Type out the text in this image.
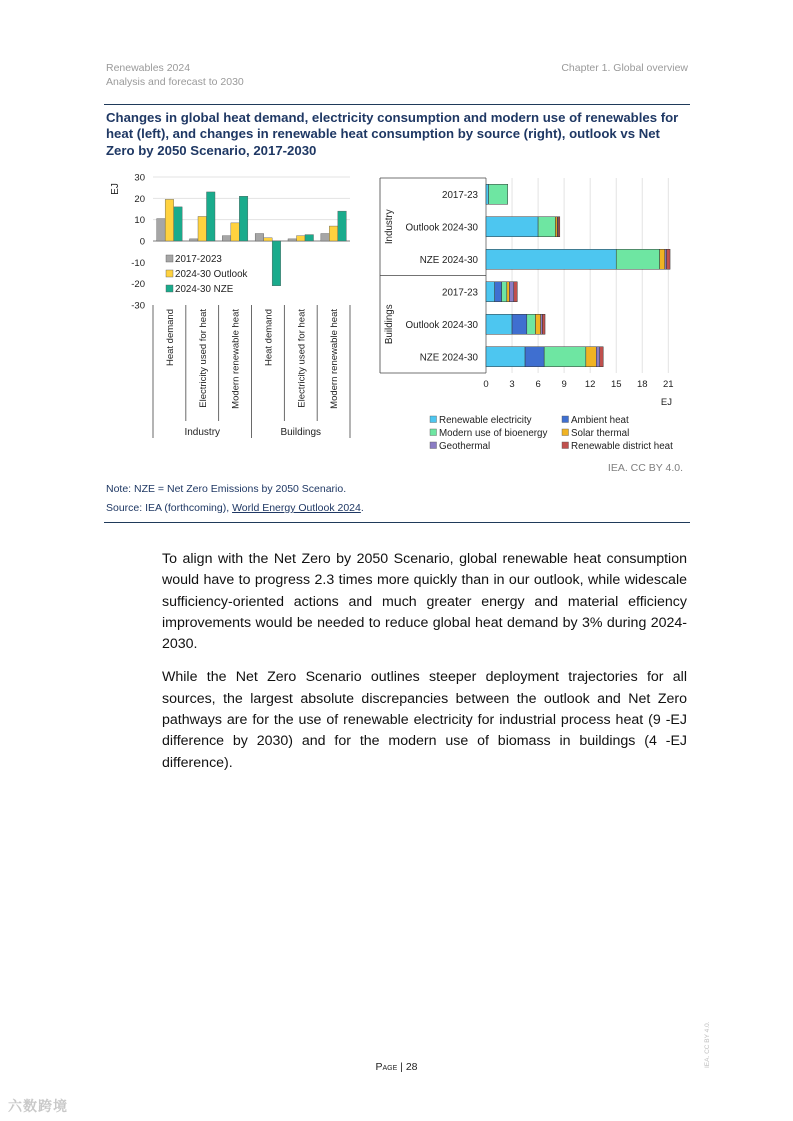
Renewables 2024
Analysis and forecast to 2030
Chapter 1. Global overview
Changes in global heat demand, electricity consumption and modern use of renewables for heat (left), and changes in renewable heat consumption by source (right), outlook vs Net Zero by 2050 Scenario, 2017-2030
30
20
10
0
-10
-20
-30
EJ
Heat demand Electricity used for heat Modern renewable heat Heat demand Electricity used for heat Modern renewable heat
Industry	Buildings
2017-2023
2024-30 Outlook
2024-30 NZE
0 3 6 9 12 15 18 21
EJ
2017-23
Outlook 2024-30
NZE 2024-30
2017-23
Outlook 2024-30
NZE 2024-30
Industry
Buildings
Renewable electricity	Ambient heat
Modern use of bioenergy Solar thermal
Geothermal	Renewable district heat
IEA. CC BY 4.0.
Note: NZE = Net Zero Emissions by 2050 Scenario.
Source: IEA (forthcoming), World Energy Outlook 2024.

To align with the Net Zero by 2050 Scenario, global renewable heat consumption would have to progress 2.3 times more quickly than in our outlook, while widescale sufficiency-oriented actions and much greater energy and material efficiency improvements would be needed to reduce global heat demand by 3% during 2024-2030.

While the Net Zero Scenario outlines steeper deployment trajectories for all sources, the largest absolute discrepancies between the outlook and Net Zero pathways are for the use of renewable electricity for industrial process heat (9 -EJ difference by 2030) and for the modern use of biomass in buildings (4 -EJ difference).

Page | 28	IEA. CC BY 4.0.
六数跨境
